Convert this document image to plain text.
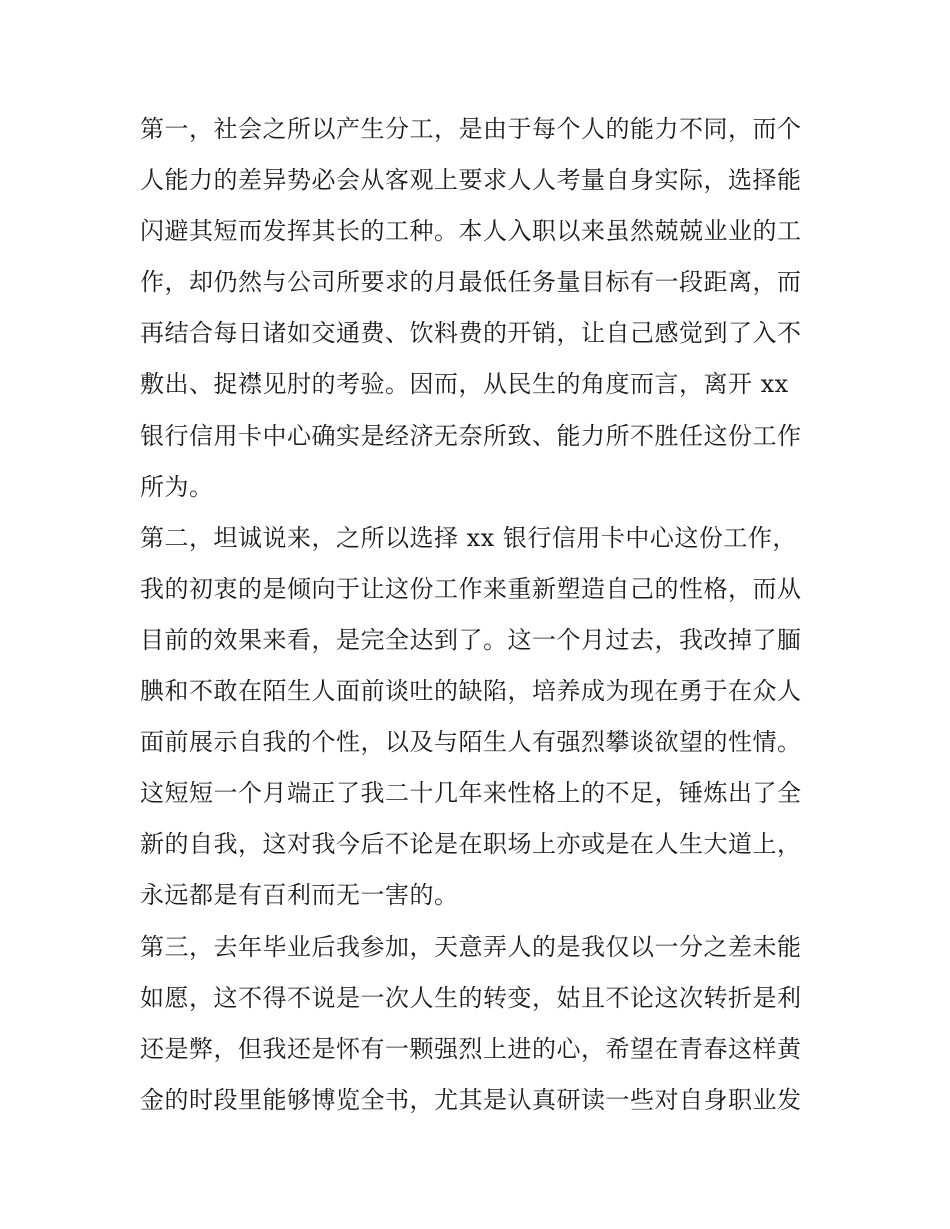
第一，社会之所以产生分工，是由于每个人的能力不同，而个
人能力的差异势必会从客观上要求人人考量自身实际，选择能
闪避其短而发挥其长的工种。本人入职以来虽然兢兢业业的工
作，却仍然与公司所要求的月最低任务量目标有一段距离，而
再结合每日诸如交通费、饮料费的开销，让自己感觉到了入不
敷出、捉襟见肘的考验。因而，从民生的角度而言，离开 xx
银行信用卡中心确实是经济无奈所致、能力所不胜任这份工作
所为。
第二，坦诚说来，之所以选择 xx 银行信用卡中心这份工作，
我的初衷的是倾向于让这份工作来重新塑造自己的性格，而从
目前的效果来看，是完全达到了。这一个月过去，我改掉了腼
腆和不敢在陌生人面前谈吐的缺陷，培养成为现在勇于在众人
面前展示自我的个性，以及与陌生人有强烈攀谈欲望的性情。
这短短一个月端正了我二十几年来性格上的不足，锤炼出了全
新的自我，这对我今后不论是在职场上亦或是在人生大道上，
永远都是有百利而无一害的。
第三，去年毕业后我参加，天意弄人的是我仅以一分之差未能
如愿，这不得不说是一次人生的转变，姑且不论这次转折是利
还是弊，但我还是怀有一颗强烈上进的心，希望在青春这样黄
金的时段里能够博览全书，尤其是认真研读一些对自身职业发
